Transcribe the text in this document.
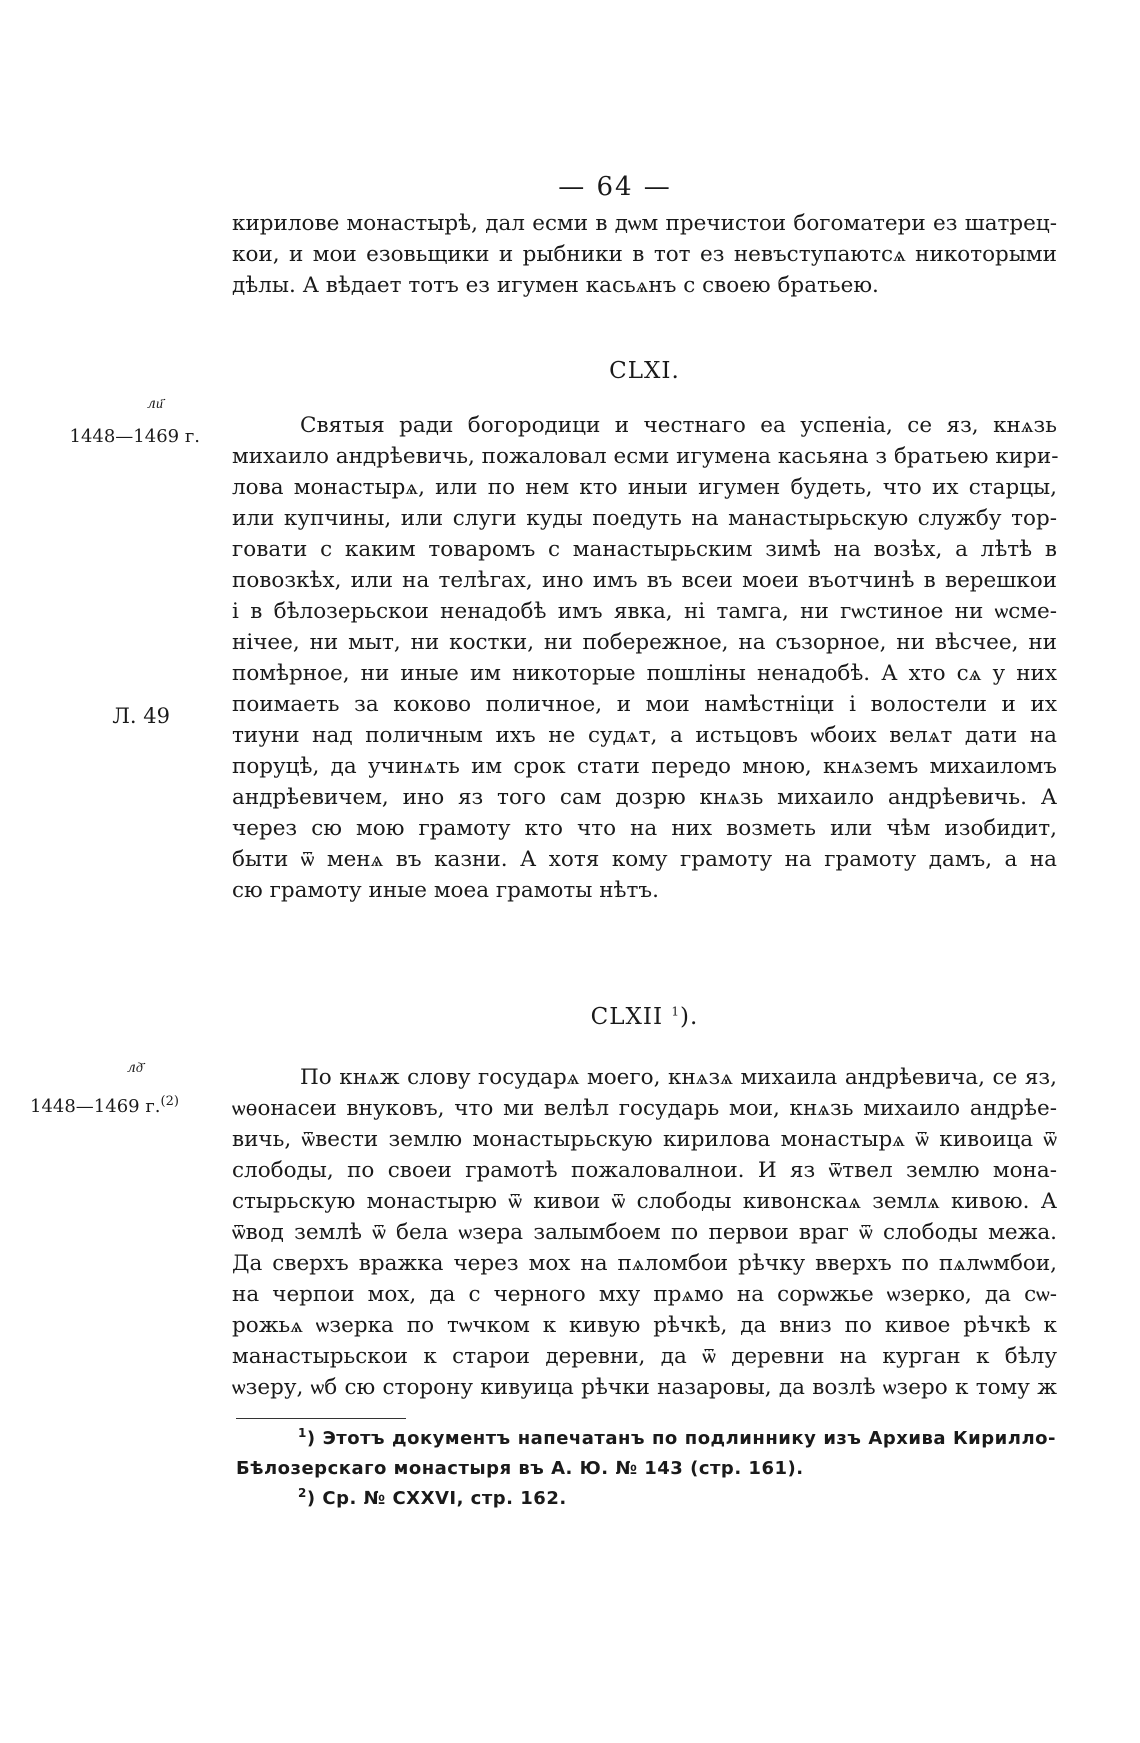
— 64 —
кирилове монастырѣ, дал есми в дѡм пречистои богоматери ез шатрец-
кои, и мои езовьщики и рыбники в тот ез невъступаютсѧ никоторыми
дѣлы. А вѣдает тотъ ез игумен касьѧнъ с своею братьею.
CLXI.
ли҃
1448—1469 г.
Л. 49
Святыя ради богородици и честнаго еа успеніа, се яз, кнѧзь
михаило андрѣевичь, пожаловал есми игумена касьяна з братьею кири-
лова монастырѧ, или по нем кто иныи игумен будеть, что их старцы,
или купчины, или слуги куды поедуть на манастырьскую службу тор-
говати с каким товаромъ с манастырьским зимѣ на возѣх, а лѣтѣ в
повозкѣх, или на телѣгах, ино имъ въ всеи моеи въотчинѣ в верешкои
і в бѣлозерьскои ненадобѣ имъ явка, ні тамга, ни гѡстиное ни ѡсме-
нічее, ни мыт, ни костки, ни побережное, на съзорное, ни вѣсчее, ни
помѣрное, ни иные им никоторые пошліны ненадобѣ. А хто сѧ у них
поимаеть за коково поличное, и мои намѣстніци і волостели и их
тиуни над поличным ихъ не судѧт, а истьцовъ ѡбоих велѧт дати на
поруцѣ, да учинѧть им срок стати передо мною, кнѧземъ михаиломъ
андрѣевичем, ино яз того сам дозрю кнѧзь михаило андрѣевичь. А
через сю мою грамоту кто что на них возметь или чѣм изобидит,
быти ѿ менѧ въ казни. А хотя кому грамоту на грамоту дамъ, а на
сю грамоту иные моеа грамоты нѣтъ.
CLXII $^1$).
лд҃
1448—1469 г.$^{(2)}$
По кнѧж слову государѧ моего, кнѧзѧ михаила андрѣевича, се яз,
ѡѳонасеи внуковъ, что ми велѣл государь мои, кнѧзь михаило андрѣе-
вичь, ѿвести землю монастырьскую кирилова монастырѧ ѿ кивоица ѿ
слободы, по своеи грамотѣ пожаловалнои. И яз ѿтвел землю мона-
стырьскую монастырю ѿ кивои ѿ слободы кивонскаѧ землѧ кивою. А
ѿвод землѣ ѿ бела ѡзера залымбоем по первои враг ѿ слободы межа.
Да сверхъ вражка через мох на пѧломбои рѣчку вверхъ по пѧлѡмбои,
на черпои мох, да с черного мху прѧмо на сорѡжье ѡзерко, да сѡ-
рожьѧ ѡзерка по тѡчком к кивую рѣчкѣ, да вниз по кивое рѣчкѣ к
манастырьскои к старои деревни, да ѿ деревни на курган к бѣлу
ѡзеру, ѡб сю сторону кивуица рѣчки назаровы, да возлѣ ѡзеро к тому ж
$^1$) Этотъ документъ напечатанъ по подлиннику изъ Архива Кирилло-
Бѣлозерскаго монастыря въ А. Ю. № 143 (стр. 161).
$^2$) Ср. № CXXVI, стр. 162.
